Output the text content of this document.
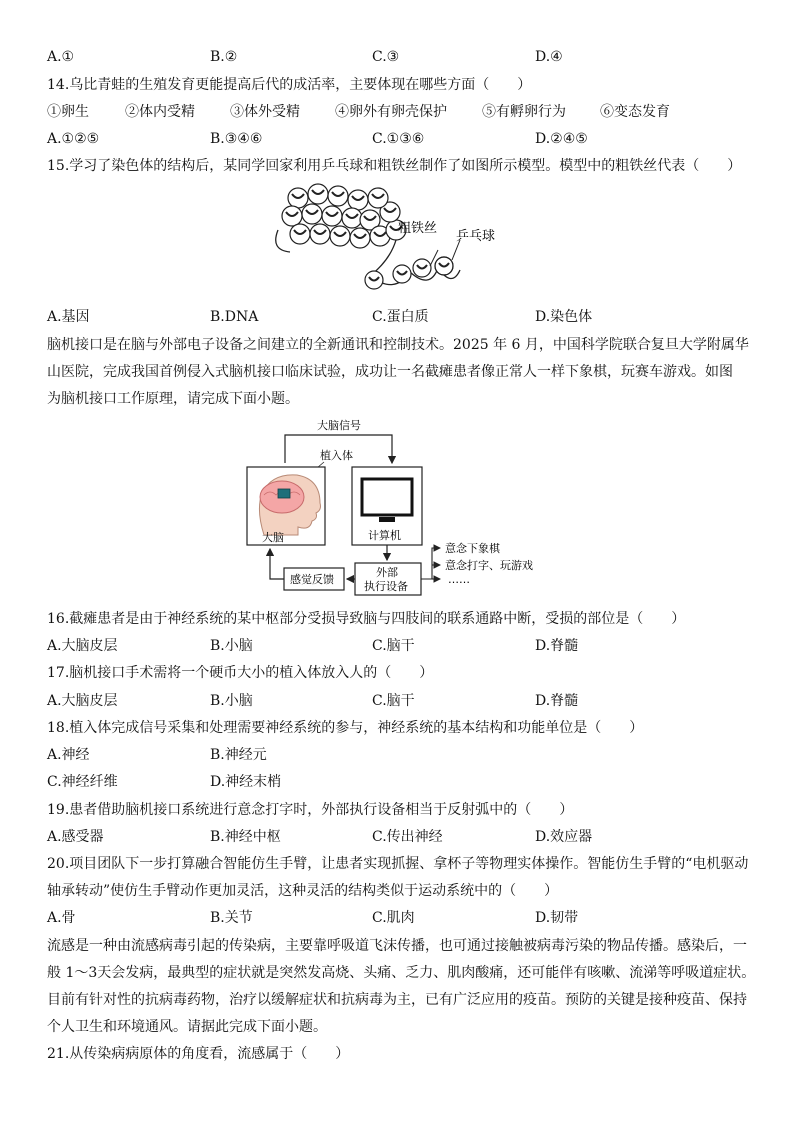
A.①	B.②	C.③	D.④
14.乌比青蛙的生殖发育更能提高后代的成活率，主要体现在哪些方面（　　）
①卵生	②体内受精	③体外受精	④卵外有卵壳保护	⑤有孵卵行为 ⑥变态发育
A.①②⑤	B.③④⑥	C.①③⑥	D.②④⑤
15.学习了染色体的结构后，某同学回家利用乒乓球和粗铁丝制作了如图所示模型。模型中的粗铁丝代表（　　）
粗铁丝
乒乓球
A.基因	B.DNA	C.蛋白质	D.染色体
脑机接口是在脑与外部电子设备之间建立的全新通讯和控制技术。2025 年 6 月，中国科学院联合复旦大学附属华
山医院，完成我国首例侵入式脑机接口临床试验，成功让一名截瘫患者像正常人一样下象棋，玩赛车游戏。如图
为脑机接口工作原理，请完成下面小题。
大脑信号
植入体
大脑	计算机
外部
执行设备
感觉反馈
意念下象棋
意念打字、玩游戏
……
16.截瘫患者是由于神经系统的某中枢部分受损导致脑与四肢间的联系通路中断，受损的部位是（　　）
A.大脑皮层	B.小脑	C.脑干	D.脊髓
17.脑机接口手术需将一个硬币大小的植入体放入人的（　　）
A.大脑皮层	B.小脑	C.脑干	D.脊髓
18.植入体完成信号采集和处理需要神经系统的参与，神经系统的基本结构和功能单位是（　　）
A.神经	B.神经元
C.神经纤维	D.神经末梢
19.患者借助脑机接口系统进行意念打字时，外部执行设备相当于反射弧中的（　　）
A.感受器	B.神经中枢	C.传出神经	D.效应器
20.项目团队下一步打算融合智能仿生手臂，让患者实现抓握、拿杯子等物理实体操作。智能仿生手臂的“电机驱动
轴承转动”使仿生手臂动作更加灵活，这种灵活的结构类似于运动系统中的（　　）
A.骨	B.关节	C.肌肉	D.韧带
流感是一种由流感病毒引起的传染病，主要靠呼吸道飞沫传播，也可通过接触被病毒污染的物品传播。感染后，一
般 1～3天会发病，最典型的症状就是突然发高烧、头痛、乏力、肌肉酸痛，还可能伴有咳嗽、流涕等呼吸道症状。
目前有针对性的抗病毒药物，治疗以缓解症状和抗病毒为主，已有广泛应用的疫苗。预防的关键是接种疫苗、保持
个人卫生和环境通风。请据此完成下面小题。
21.从传染病病原体的角度看，流感属于（　　）
